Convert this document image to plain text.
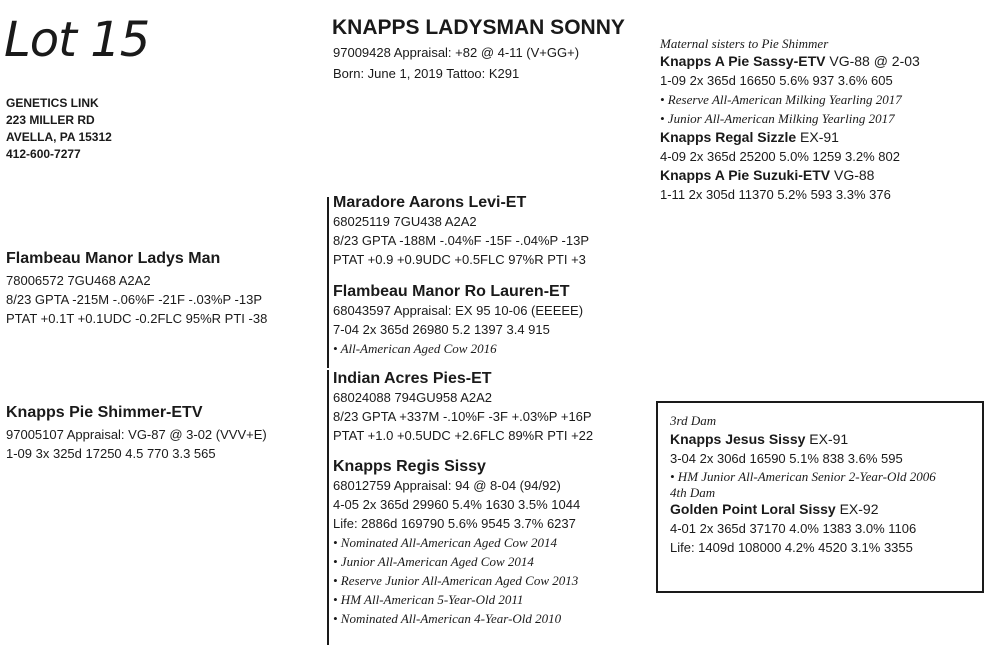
Lot 15
GENETICS LINK
223 MILLER RD
AVELLA, PA 15312
412-600-7277
KNAPPS LADYSMAN SONNY
97009428 Appraisal: +82 @ 4-11 (V+GG+)
Born: June 1, 2019 Tattoo: K291
Flambeau Manor Ladys Man
78006572 7GU468 A2A2
8/23 GPTA -215M -.06%F -21F -.03%P -13P
PTAT +0.1T +0.1UDC -0.2FLC 95%R PTI -38
Knapps Pie Shimmer-ETV
97005107 Appraisal: VG-87 @ 3-02 (VVV+E)
1-09 3x 325d 17250 4.5 770 3.3 565
Maradore Aarons Levi-ET
68025119 7GU438 A2A2
8/23 GPTA -188M -.04%F -15F -.04%P -13P
PTAT +0.9 +0.9UDC +0.5FLC 97%R PTI +3
Flambeau Manor Ro Lauren-ET
68043597 Appraisal: EX 95 10-06 (EEEEE)
7-04 2x 365d 26980 5.2 1397 3.4 915
• All-American Aged Cow 2016
Indian Acres Pies-ET
68024088 794GU958 A2A2
8/23 GPTA +337M -.10%F -3F +.03%P +16P
PTAT +1.0 +0.5UDC +2.6FLC 89%R PTI +22
Knapps Regis Sissy
68012759 Appraisal: 94 @ 8-04 (94/92)
4-05 2x 365d 29960 5.4% 1630 3.5% 1044
Life: 2886d 169790 5.6% 9545 3.7% 6237
• Nominated All-American Aged Cow 2014
• Junior All-American Aged Cow 2014
• Reserve Junior All-American Aged Cow 2013
• HM All-American 5-Year-Old 2011
• Nominated All-American 4-Year-Old 2010
Maternal sisters to Pie Shimmer
Knapps A Pie Sassy-ETV VG-88 @ 2-03
1-09 2x 365d 16650 5.6% 937 3.6% 605
• Reserve All-American Milking Yearling 2017
• Junior All-American Milking Yearling 2017
Knapps Regal Sizzle EX-91
4-09 2x 365d 25200 5.0% 1259 3.2% 802
Knapps A Pie Suzuki-ETV VG-88
1-11 2x 305d 11370 5.2% 593 3.3% 376
3rd Dam
Knapps Jesus Sissy EX-91
3-04 2x 306d 16590 5.1% 838 3.6% 595
• HM Junior All-American Senior 2-Year-Old 2006
4th Dam
Golden Point Loral Sissy EX-92
4-01 2x 365d 37170 4.0% 1383 3.0% 1106
Life: 1409d 108000 4.2% 4520 3.1% 3355
